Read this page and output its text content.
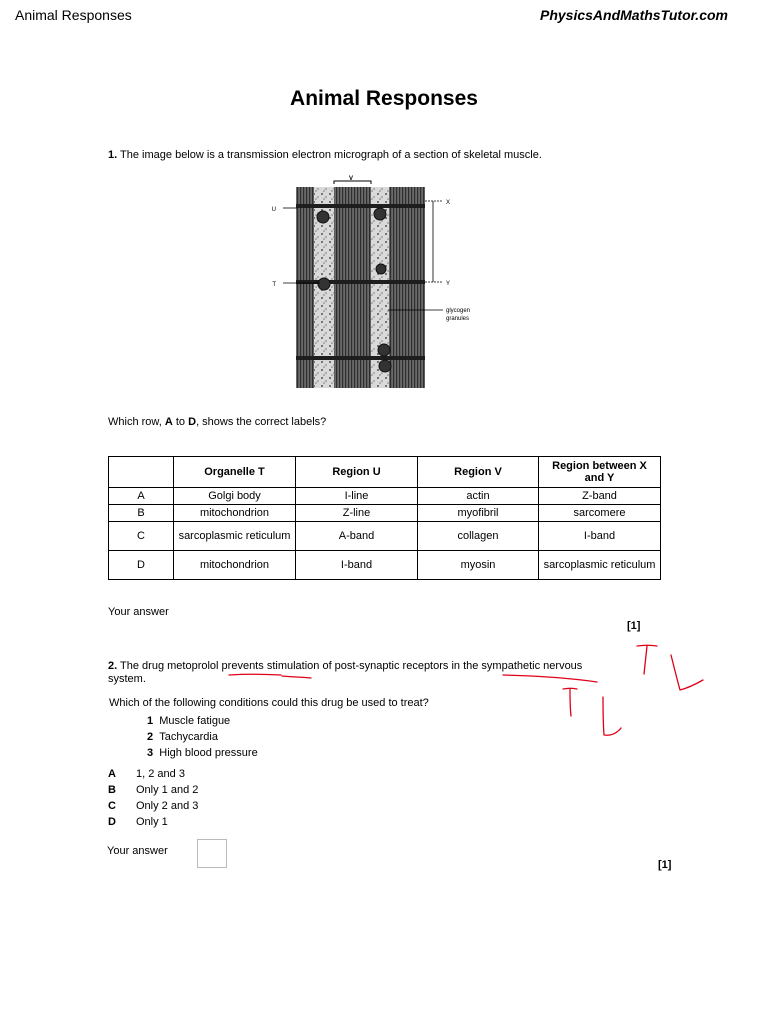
Animal Responses	PhysicsAndMathsTutor.com
Animal Responses
1. The image below is a transmission electron micrograph of a section of skeletal muscle.
V
U
T
X
Y
glycogen
granules
Which row, A to D, shows the correct labels?
	Organelle T	Region U	Region V	Region between X and Y
A	Golgi body	I-line	actin	Z-band
B	mitochondrion	Z-line	myofibril	sarcomere
C	sarcoplasmic reticulum	A-band	collagen	I-band
D	mitochondrion	I-band	myosin	sarcoplasmic reticulum
Your answer
[1]
2. The drug metoprolol prevents stimulation of post-synaptic receptors in the sympathetic nervous
system.
Which of the following conditions could this drug be used to treat?
1 Muscle fatigue
2 Tachycardia
3 High blood pressure
A 1, 2 and 3
B Only 1 and 2
C Only 2 and 3
D Only 1
Your answer
[1]
